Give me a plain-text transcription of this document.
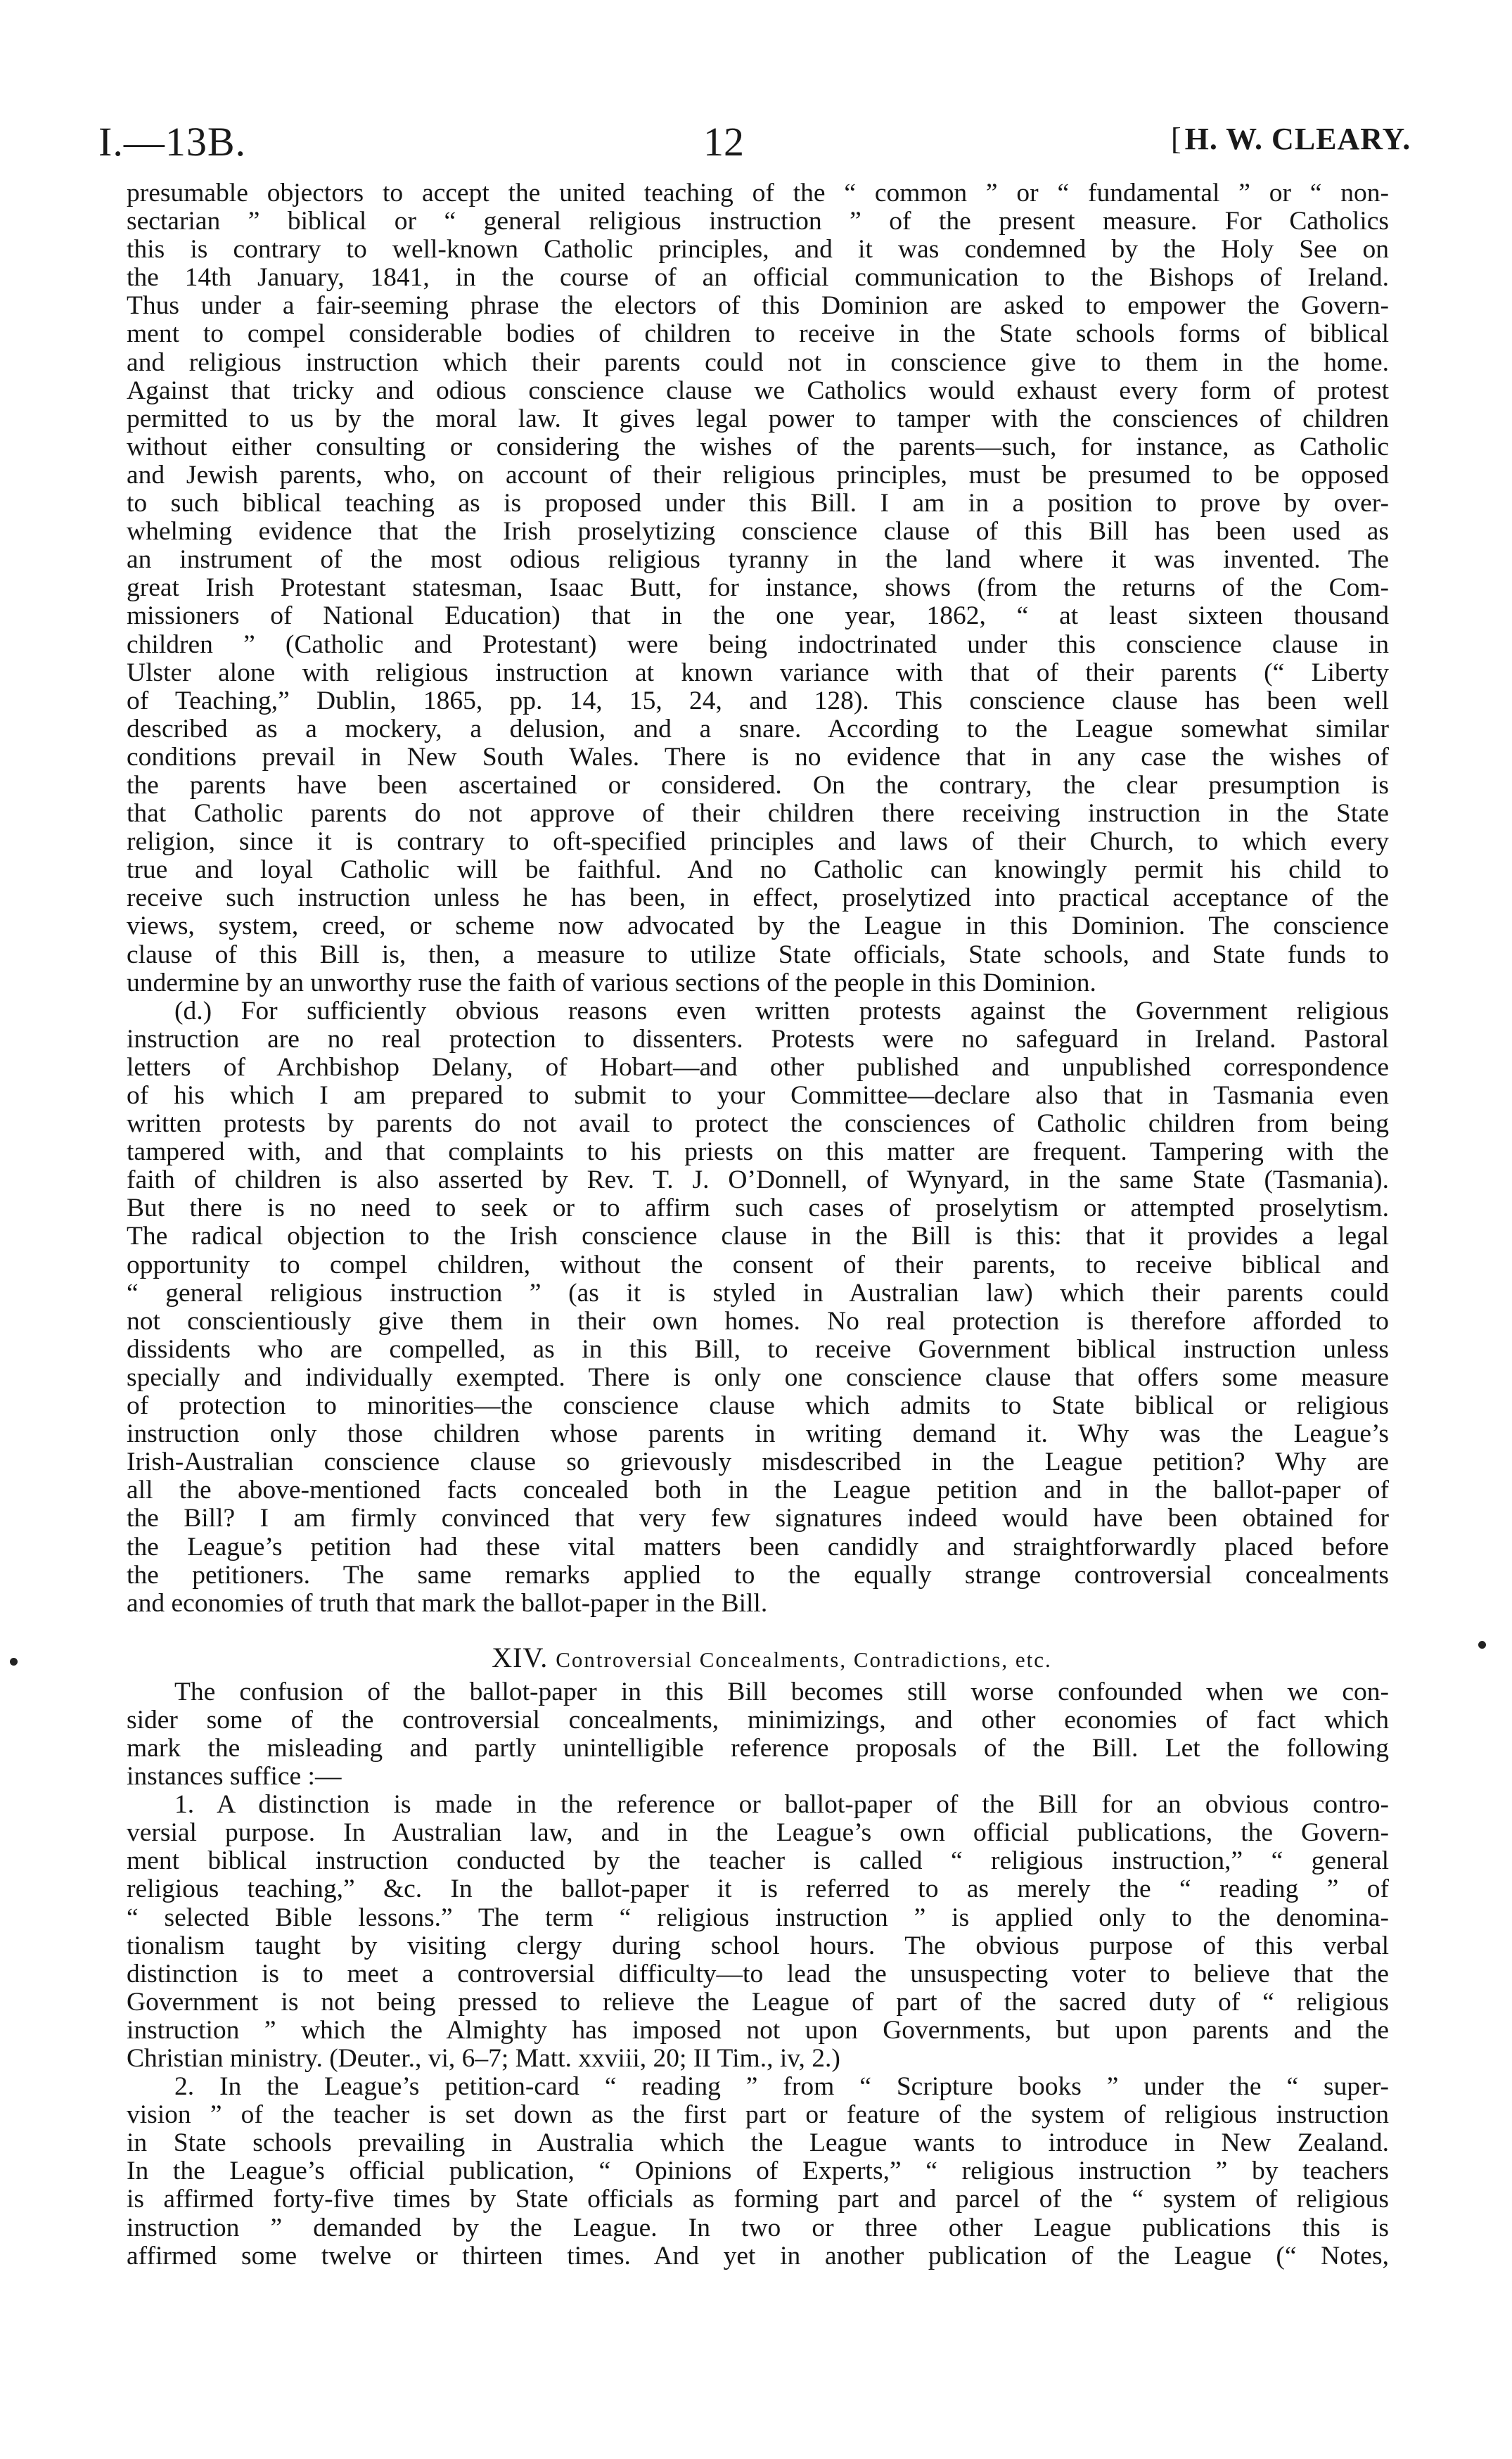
I.—13B.	12	[H. W. CLEARY.
presumable objectors to accept the united teaching of the “ common ” or “ fundamental ” or “ non-
sectarian ” biblical or “ general religious instruction ” of the present measure. For Catholics
this is contrary to well-known Catholic principles, and it was condemned by the Holy See on
the 14th January, 1841, in the course of an official communication to the Bishops of Ireland.
Thus under a fair-seeming phrase the electors of this Dominion are asked to empower the Govern-
ment to compel considerable bodies of children to receive in the State schools forms of biblical
and religious instruction which their parents could not in conscience give to them in the home.
Against that tricky and odious conscience clause we Catholics would exhaust every form of protest
permitted to us by the moral law. It gives legal power to tamper with the consciences of children
without either consulting or considering the wishes of the parents—such, for instance, as Catholic
and Jewish parents, who, on account of their religious principles, must be presumed to be opposed
to such biblical teaching as is proposed under this Bill. I am in a position to prove by over-
whelming evidence that the Irish proselytizing conscience clause of this Bill has been used as
an instrument of the most odious religious tyranny in the land where it was invented. The
great Irish Protestant statesman, Isaac Butt, for instance, shows (from the returns of the Com-
missioners of National Education) that in the one year, 1862, “ at least sixteen thousand
children ” (Catholic and Protestant) were being indoctrinated under this conscience clause in
Ulster alone with religious instruction at known variance with that of their parents (“ Liberty
of Teaching,” Dublin, 1865, pp. 14, 15, 24, and 128). This conscience clause has been well
described as a mockery, a delusion, and a snare. According to the League somewhat similar
conditions prevail in New South Wales. There is no evidence that in any case the wishes of
the parents have been ascertained or considered. On the contrary, the clear presumption is
that Catholic parents do not approve of their children there receiving instruction in the State
religion, since it is contrary to oft-specified principles and laws of their Church, to which every
true and loyal Catholic will be faithful. And no Catholic can knowingly permit his child to
receive such instruction unless he has been, in effect, proselytized into practical acceptance of the
views, system, creed, or scheme now advocated by the League in this Dominion. The conscience
clause of this Bill is, then, a measure to utilize State officials, State schools, and State funds to
undermine by an unworthy ruse the faith of various sections of the people in this Dominion.
(d.) For sufficiently obvious reasons even written protests against the Government religious
instruction are no real protection to dissenters. Protests were no safeguard in Ireland. Pastoral
letters of Archbishop Delany, of Hobart—and other published and unpublished correspondence
of his which I am prepared to submit to your Committee—declare also that in Tasmania even
written protests by parents do not avail to protect the consciences of Catholic children from being
tampered with, and that complaints to his priests on this matter are frequent. Tampering with the
faith of children is also asserted by Rev. T. J. O’Donnell, of Wynyard, in the same State (Tasmania).
But there is no need to seek or to affirm such cases of proselytism or attempted proselytism.
The radical objection to the Irish conscience clause in the Bill is this: that it provides a legal
opportunity to compel children, without the consent of their parents, to receive biblical and
“ general religious instruction ” (as it is styled in Australian law) which their parents could
not conscientiously give them in their own homes. No real protection is therefore afforded to
dissidents who are compelled, as in this Bill, to receive Government biblical instruction unless
specially and individually exempted. There is only one conscience clause that offers some measure
of protection to minorities—the conscience clause which admits to State biblical or religious
instruction only those children whose parents in writing demand it. Why was the League’s
Irish-Australian conscience clause so grievously misdescribed in the League petition? Why are
all the above-mentioned facts concealed both in the League petition and in the ballot-paper of
the Bill? I am firmly convinced that very few signatures indeed would have been obtained for
the League’s petition had these vital matters been candidly and straightforwardly placed before
the petitioners. The same remarks applied to the equally strange controversial concealments
and economies of truth that mark the ballot-paper in the Bill.
XIV. Controversial Concealments, Contradictions, etc.
The confusion of the ballot-paper in this Bill becomes still worse confounded when we con-
sider some of the controversial concealments, minimizings, and other economies of fact which
mark the misleading and partly unintelligible reference proposals of the Bill. Let the following
instances suffice :—
1. A distinction is made in the reference or ballot-paper of the Bill for an obvious contro-
versial purpose. In Australian law, and in the League’s own official publications, the Govern-
ment biblical instruction conducted by the teacher is called “ religious instruction,” “ general
religious teaching,” &c. In the ballot-paper it is referred to as merely the “ reading ” of
“ selected Bible lessons.” The term “ religious instruction ” is applied only to the denomina-
tionalism taught by visiting clergy during school hours. The obvious purpose of this verbal
distinction is to meet a controversial difficulty—to lead the unsuspecting voter to believe that the
Government is not being pressed to relieve the League of part of the sacred duty of “ religious
instruction ” which the Almighty has imposed not upon Governments, but upon parents and the
Christian ministry. (Deuter., vi, 6–7; Matt. xxviii, 20; II Tim., iv, 2.)
2. In the League’s petition-card “ reading ” from “ Scripture books ” under the “ super-
vision ” of the teacher is set down as the first part or feature of the system of religious instruction
in State schools prevailing in Australia which the League wants to introduce in New Zealand.
In the League’s official publication, “ Opinions of Experts,” “ religious instruction ” by teachers
is affirmed forty-five times by State officials as forming part and parcel of the “ system of religious
instruction ” demanded by the League. In two or three other League publications this is
affirmed some twelve or thirteen times. And yet in another publication of the League (“ Notes,
